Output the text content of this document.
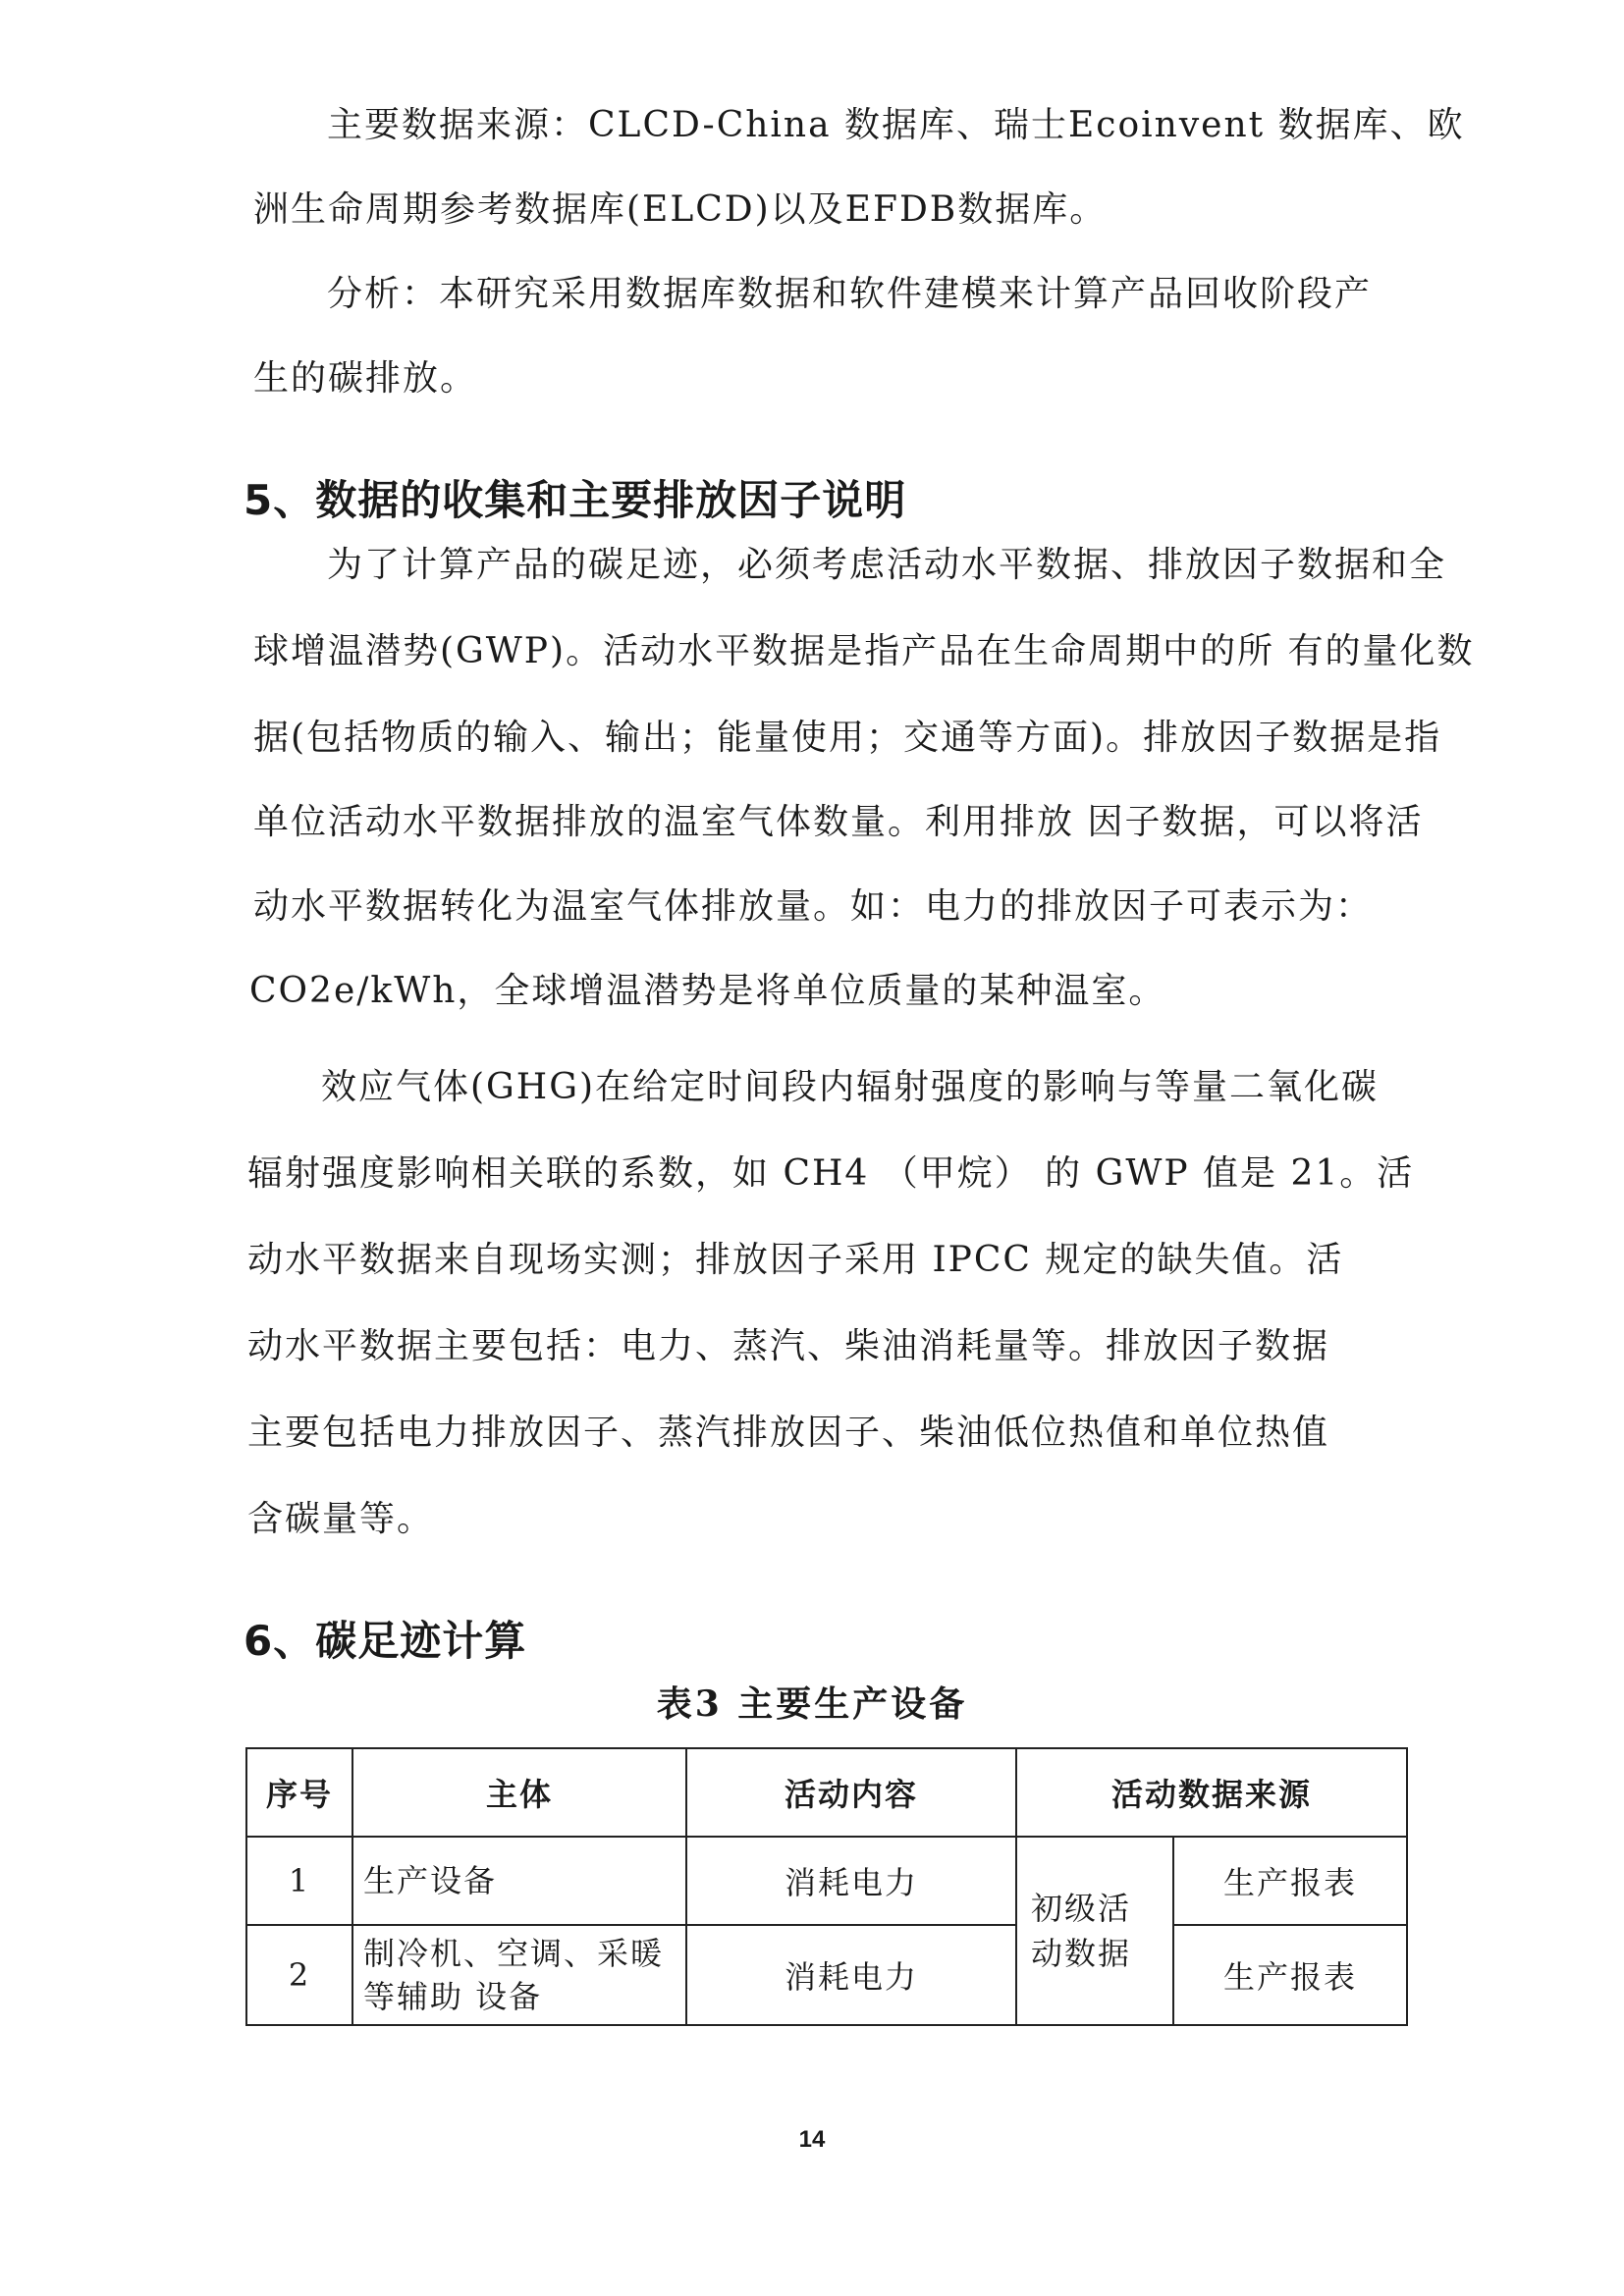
主要数据来源：CLCD-China 数据库、瑞士Ecoinvent 数据库、欧
洲生命周期参考数据库(ELCD)以及EFDB数据库。
分析：本研究采用数据库数据和软件建模来计算产品回收阶段产
生的碳排放。
5、数据的收集和主要排放因子说明
为了计算产品的碳足迹，必须考虑活动水平数据、排放因子数据和全
球增温潜势(GWP)。活动水平数据是指产品在生命周期中的所 有的量化数
据(包括物质的输入、输出；能量使用；交通等方面)。排放因子数据是指
单位活动水平数据排放的温室气体数量。利用排放 因子数据，可以将活
动水平数据转化为温室气体排放量。如：电力的排放因子可表示为：
CO2e/kWh，全球增温潜势是将单位质量的某种温室。
效应气体(GHG)在给定时间段内辐射强度的影响与等量二氧化碳
辐射强度影响相关联的系数，如 CH4 （甲烷） 的 GWP 值是 21。活
动水平数据来自现场实测；排放因子采用 IPCC 规定的缺失值。活
动水平数据主要包括：电力、蒸汽、柴油消耗量等。排放因子数据
主要包括电力排放因子、蒸汽排放因子、柴油低位热值和单位热值
含碳量等。
6、碳足迹计算
表3 主要生产设备
序号	主体	活动内容	活动数据来源	
1	生产设备	消耗电力	初级活动数据	生产报表
2	制冷机、空调、采暖等辅助 设备	消耗电力		生产报表
14
